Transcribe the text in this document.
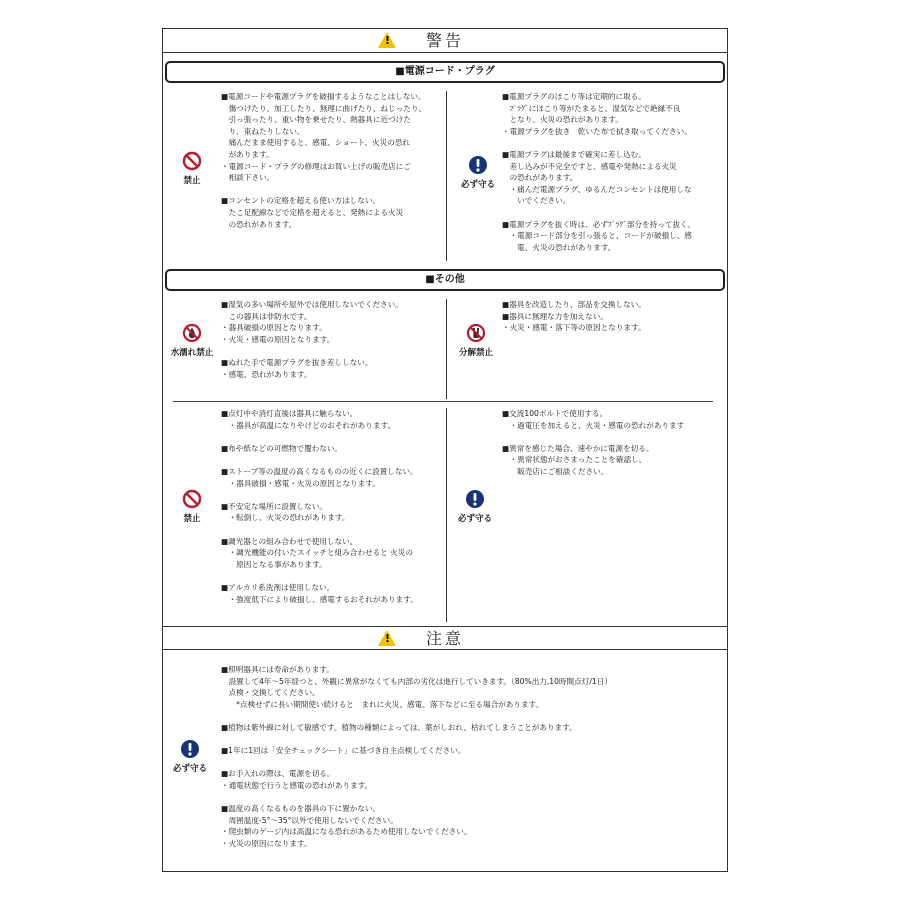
!
警告
■電源コード・プラグ
禁止
■電源コードや電源プラグを破損するようなことはしない。
　傷つけたり、加工したり、無理に曲げたり、ねじったり、
　引っ張ったり、重い物を乗せたり、熱器具に近づけた
　り、束ねたりしない。
　痛んだまま使用すると、感電、ショート、火災の恐れ
　があります。
・電源コード・プラグの修理はお買い上げの販売店にご
　相談下さい。

■コンセントの定格を超える使い方はしない。
　たこ足配線などで定格を超えると、発熱による火災
　の恐れがあります。
必ず守る
■電源プラグのほこり等は定期的に取る。
　ﾌﾟﾗｸﾞにほこり等がたまると、湿気などで絶縁不良
　となり、火災の恐れがあります。
・電源プラグを抜き　乾いた布で拭き取ってください。

■電源プラグは最後まで確実に差し込む。
　差し込みが不完全ですと、感電や発熱による火災
　の恐れがあります。
　・痛んだ電源プラグ、ゆるんだコンセントは使用しな
　　いでください。

■電源プラグを抜く時は、必ずﾌﾟﾗｸﾞ部分を持って抜く。
　・電源コード部分を引っ張ると、コードが破損し、感
　　電、火災の恐れがあります。
■その他
水濡れ禁止
■湿気の多い場所や屋外では使用しないでください。
　この器具は非防水です。
・器具破損の原因となります。
・火災・感電の原因となります。

■ぬれた手で電源プラグを抜き差ししない。
・感電、恐れがあります。
分解禁止
■器具を改造したり、部品を交換しない。
■器具に無理な力を加えない。
・火災・感電・落下等の原因となります。
禁止
■点灯中や消灯直後は器具に触らない。
　・器具が高温になりやけどのおそれがあります。

■布や紙などの可燃物で覆わない。

■ストーブ等の温度の高くなるものの近くに設置しない。
　・器具破損・感電・火災の原因となります。

■不安定な場所に設置しない。
　・転倒し、火災の恐れがあります。

■調光器との組み合わせで使用しない。
　・調光機能の付いたスイッチと組み合わせると 火災の
　　原因となる事があります。

■アルカリ系洗剤は使用しない。
　・強度低下により破損し、感電するおそれがあります。
必ず守る
■交流100ボルトで使用する。
　・過電圧を加えると、火災・感電の恐れがあります

■異常を感じた場合、速やかに電源を切る。
　・異常状態がおさまったことを確認し、
　　販売店にご相談ください。
!
注意
必ず守る
■照明器具には寿命があります。
　設置して4年～5年経つと、外観に異常がなくても内部の劣化は進行していきます。（80%出力,10時間点灯/1日）
　点検・交換してください。
　　*点検せずに長い期間使い続けると　まれに火災、感電、落下などに至る場合があります。

■植物は紫外線に対して敏感です。植物の種類によっては、葉がしおれ、枯れてしまうことがあります。

■1年に1回は「安全チェックシート」に基づき自主点検してください。

■お手入れの際は、電源を切る。
・通電状態で行うと感電の恐れがあります。

■温度の高くなるものを器具の下に置かない。
　周囲温度-5°～35°以外で使用しないでください。
・爬虫類のゲージ内は高温になる恐れがあるため使用しないでください。
・火災の原因になります。
